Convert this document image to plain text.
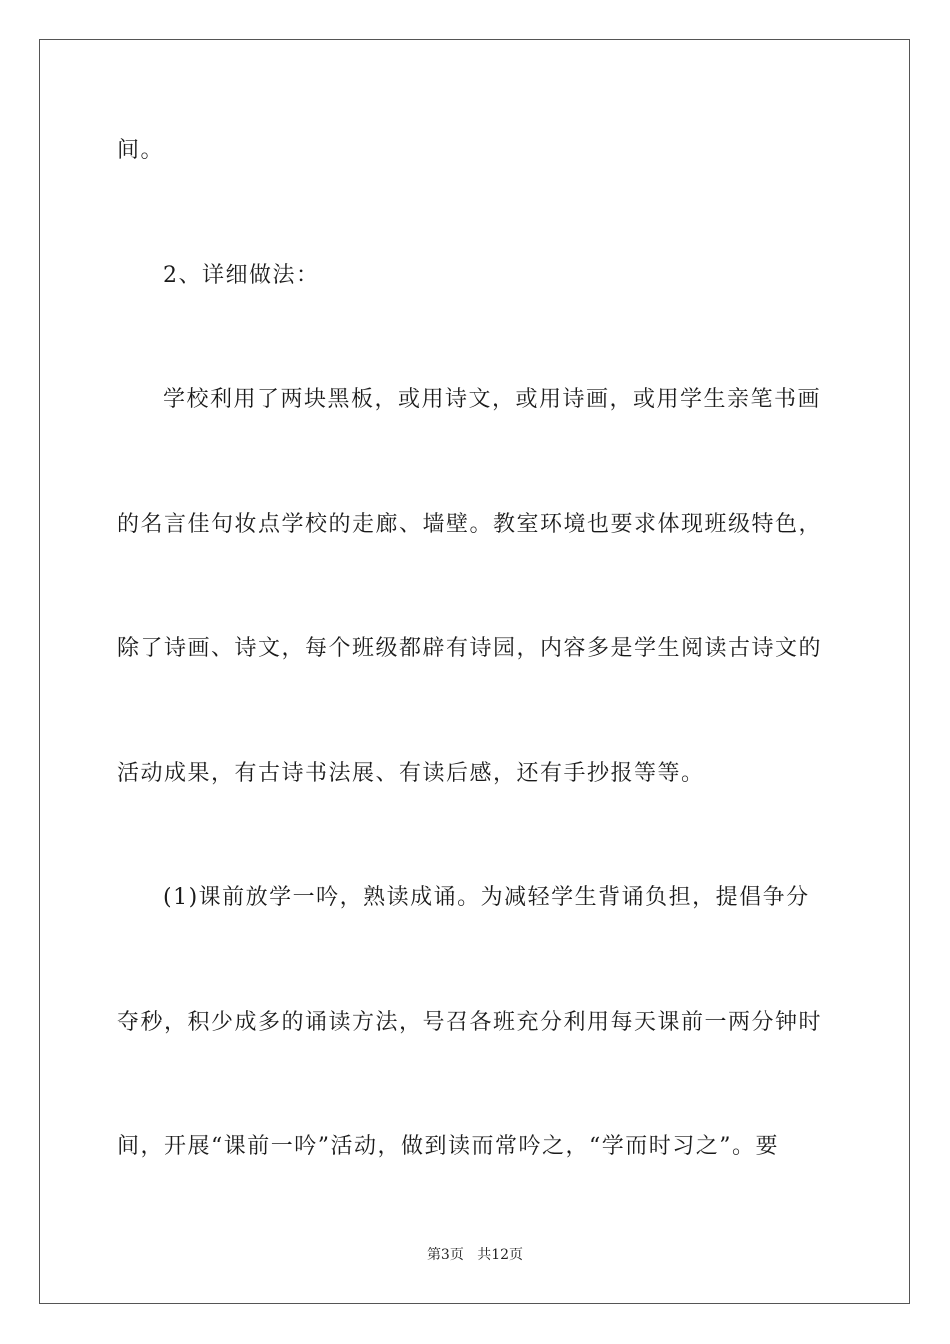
间。
2、详细做法：
学校利用了两块黑板，或用诗文，或用诗画，或用学生亲笔书画
的名言佳句妆点学校的走廊、墙壁。教室环境也要求体现班级特色，
除了诗画、诗文，每个班级都辟有诗园，内容多是学生阅读古诗文的
活动成果，有古诗书法展、有读后感，还有手抄报等等。
(1)课前放学一吟，熟读成诵。为减轻学生背诵负担，提倡争分
夺秒，积少成多的诵读方法，号召各班充分利用每天课前一两分钟时
间，开展“课前一吟”活动，做到读而常吟之，“学而时习之”。要
第3页 共12页
